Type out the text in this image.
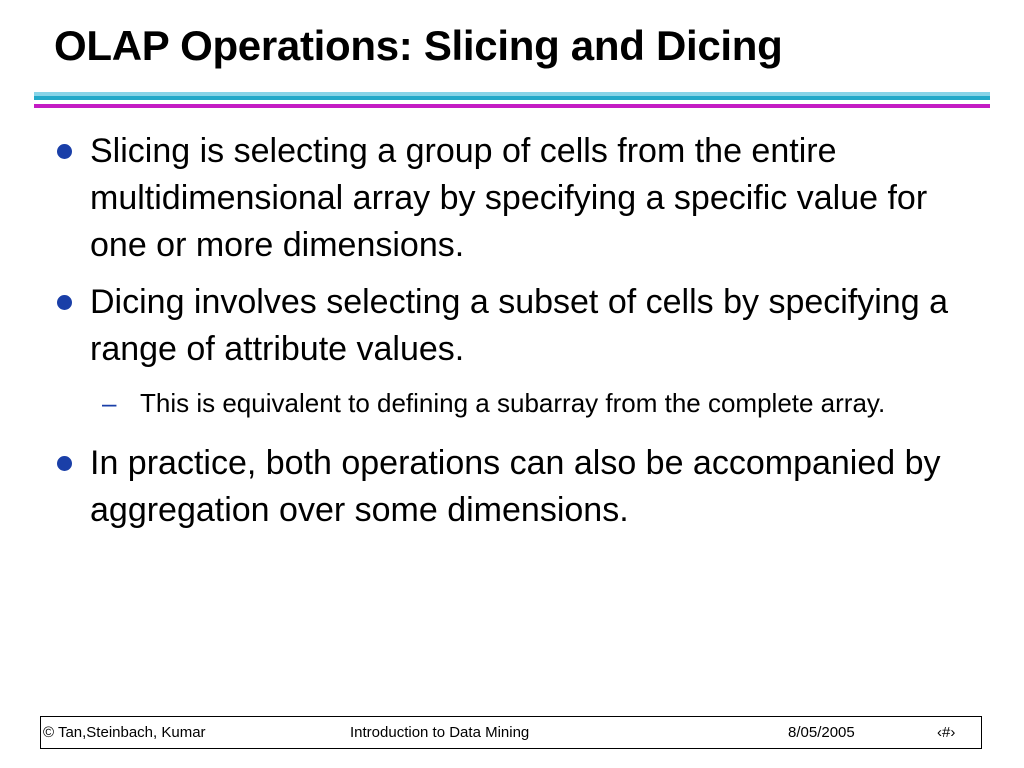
OLAP Operations: Slicing and Dicing
Slicing is selecting a group of cells from the entire multidimensional array by specifying a specific value for one or more dimensions.
Dicing involves selecting a subset of cells by specifying a range of attribute values.
– This is equivalent to defining a subarray from the complete array.
In practice, both operations can also be accompanied by aggregation over some dimensions.
© Tan,Steinbach, Kumar	Introduction to Data Mining	8/05/2005	‹#›
